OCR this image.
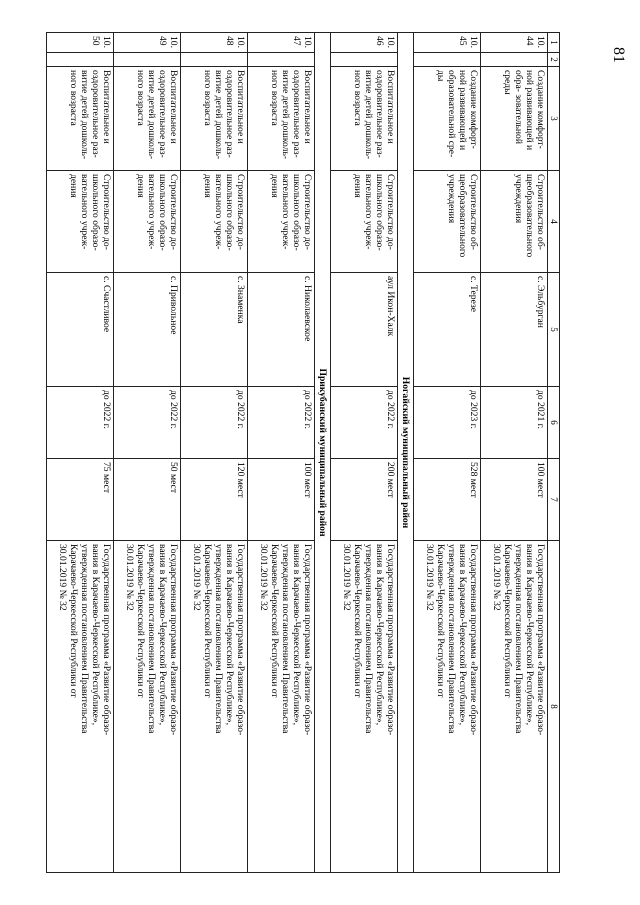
81
1	2	3	4	5	6	7	8
10.
44		Создание комфорт-
ной развивающей и
обра- зовательной
среды	Строительство об-
щеобразовательного
учреждения	с. Эльбурган	до 2021 г.	100 мест	Государственная программа «Развитие образо-
вания в Карачаево-Черкесской Республике»,
утвержденная постановлением Правительства
Карачаево-Черкесской Республики от
30.01.2019 № 32
10.
45		Создание комфорт-
ной развивающей и
образовательной сре-
ды	Строительство об-
щеобразовательного
учреждения	с. Терезе	до 2023 г.	528 мест	Государственная программа «Развитие образо-
вания в Карачаево-Черкесской Республике»,
утвержденная постановлением Правительства
Карачаево-Черкесской Республики от
30.01.2019 № 32
Ногайский муниципальный район							
10.
46		Воспитательное и
оздоровительное раз-
витие детей дошколь-
ного возраста	Строительство до-
школьного образо-
вательного учреж-
дения	аул Икон-Халк	до 2022 г.	200 мест	Государственная программа «Развитие образо-
вания в Карачаево-Черкесской Республике»,
утвержденная постановлением Правительства
Карачаево-Черкесской Республики от
30.01.2019 № 32
Прикубанский муниципальный район							
10.
47		Воспитательное и
оздоровительное раз-
витие детей дошколь-
ного возраста	Строительство до-
школьного образо-
вательного учреж-
дения	с. Николаевское	до 2022 г.	100 мест	Государственная программа «Развитие образо-
вания в Карачаево-Черкесской Республике»,
утвержденная постановлением Правительства
Карачаево-Черкесской Республики от
30.01.2019 № 32
10.
48		Воспитательное и
оздоровительное раз-
витие детей дошколь-
ного возраста	Строительство до-
школьного образо-
вательного учреж-
дения	с. Знаменка	до 2022 г.	120 мест	Государственная программа «Развитие образо-
вания в Карачаево-Черкесской Республике»,
утвержденная постановлением Правительства
Карачаево-Черкесской Республики от
30.01.2019 № 32
10.
49		Воспитательное и
оздоровительное раз-
витие детей дошколь-
ного возраста	Строительство до-
школьного образо-
вательного учреж-
дения	с. Привольное	до 2022 г.	50 мест	Государственная программа «Развитие образо-
вания в Карачаево-Черкесской Республике»,
утвержденная постановлением Правительства
Карачаево-Черкесской Республики от
30.01.2019 № 32
10.
50		Воспитательное и
оздоровительное раз-
витие детей дошколь-
ного возраста	Строительство до-
школьного образо-
вательного учреж-
дения	с. Счастливое	до 2022 г.	75 мест	Государственная программа «Развитие образо-
вания в Карачаево-Черкесской Республике»,
утвержденная постановлением Правительства
Карачаево-Черкесской Республики от
30.01.2019 № 32
